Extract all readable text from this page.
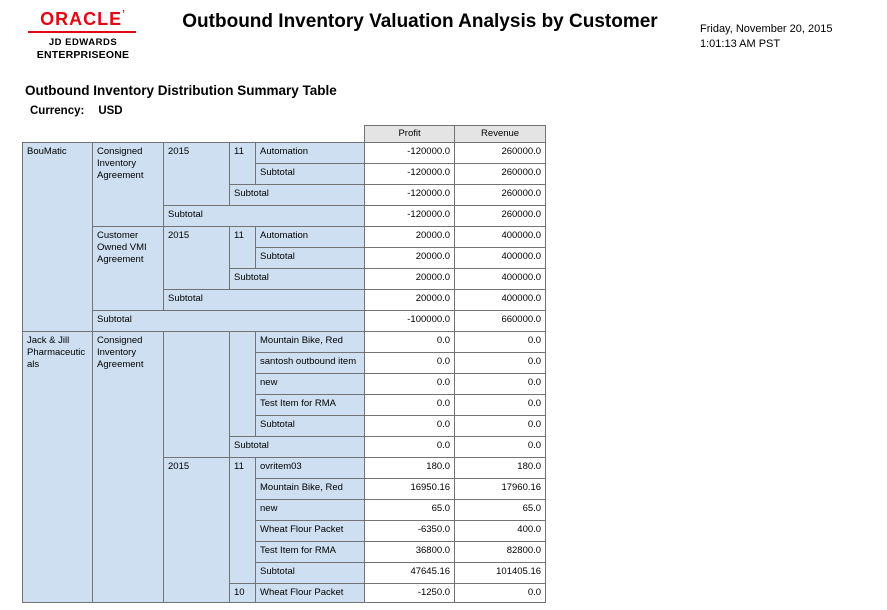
ORACLE’
JD EDWARDS
ENTERPRISEONE
Outbound Inventory Valuation Analysis by Customer	Friday, November 20, 2015
1:01:13 AM PST
Outbound Inventory Distribution Summary Table
Currency: USD
					Profit	Revenue
BouMatic	Consigned Inventory Agreement	2015	11	Automation	-120000.0	260000.0
				Subtotal	-120000.0	260000.0
			Subtotal		-120000.0	260000.0
		Subtotal			-120000.0	260000.0
	Customer Owned VMI Agreement	2015	11	Automation	20000.0	400000.0
				Subtotal	20000.0	400000.0
			Subtotal		20000.0	400000.0
		Subtotal			20000.0	400000.0
	Subtotal				-100000.0	660000.0
Jack & Jill Pharmaceuticals	Consigned Inventory Agreement			Mountain Bike, Red	0.0	0.0
				santosh outbound item	0.0	0.0
				new	0.0	0.0
				Test Item for RMA	0.0	0.0
				Subtotal	0.0	0.0
			Subtotal		0.0	0.0
		2015	11	ovritem03	180.0	180.0
				Mountain Bike, Red	16950.16	17960.16
				new	65.0	65.0
				Wheat Flour Packet	-6350.0	400.0
				Test Item for RMA	36800.0	82800.0
				Subtotal	47645.16	101405.16
			10	Wheat Flour Packet	-1250.0	0.0
